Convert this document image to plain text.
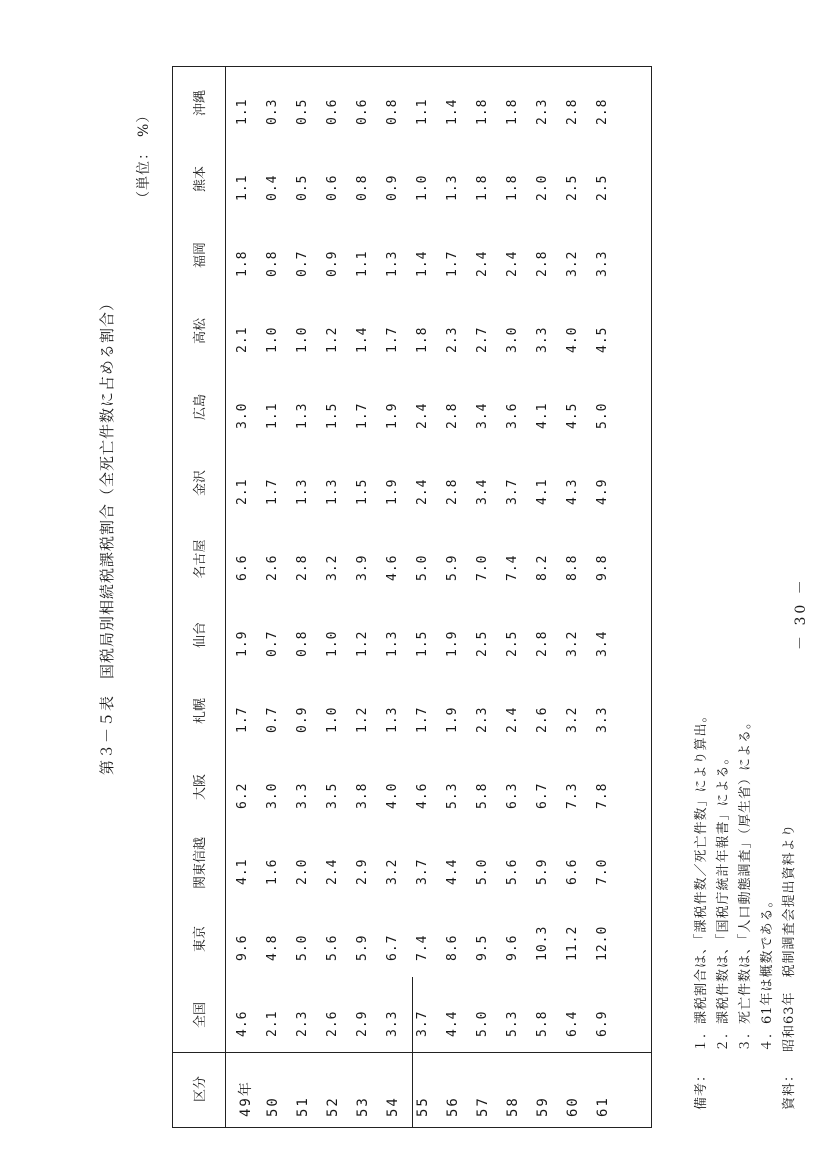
第３－５表　国税局別相続税課税割合（全死亡件数に占める割合）
（単位：　%）
区分
全国
東京
関東信越
大阪
札幌
仙台
名古屋
金沢
広島
高松
福岡
熊本
沖縄
49年
4.6
9.6
4.1
6.2
1.7
1.9
6.6
2.1
3.0
2.1
1.8
1.1
1.1
50
2.1
4.8
1.6
3.0
0.7
0.7
2.6
1.7
1.1
1.0
0.8
0.4
0.3
51
2.3
5.0
2.0
3.3
0.9
0.8
2.8
1.3
1.3
1.0
0.7
0.5
0.5
52
2.6
5.6
2.4
3.5
1.0
1.0
3.2
1.3
1.5
1.2
0.9
0.6
0.6
53
2.9
5.9
2.9
3.8
1.2
1.2
3.9
1.5
1.7
1.4
1.1
0.8
0.6
54
3.3
6.7
3.2
4.0
1.3
1.3
4.6
1.9
1.9
1.7
1.3
0.9
0.8
55
3.7
7.4
3.7
4.6
1.7
1.5
5.0
2.4
2.4
1.8
1.4
1.0
1.1
56
4.4
8.6
4.4
5.3
1.9
1.9
5.9
2.8
2.8
2.3
1.7
1.3
1.4
57
5.0
9.5
5.0
5.8
2.3
2.5
7.0
3.4
3.4
2.7
2.4
1.8
1.8
58
5.3
9.6
5.6
6.3
2.4
2.5
7.4
3.7
3.6
3.0
2.4
1.8
1.8
59
5.8
10.3
5.9
6.7
2.6
2.8
8.2
4.1
4.1
3.3
2.8
2.0
2.3
60
6.4
11.2
6.6
7.3
3.2
3.2
8.8
4.3
4.5
4.0
3.2
2.5
2.8
61
6.9
12.0
7.0
7.8
3.3
3.4
9.8
4.9
5.0
4.5
3.3
2.5
2.8
備考：
１．課税割合は、「課税件数／死亡件数」により算出。 ２．課税件数は、「国税庁統計年報書」による。 ３．死亡件数は、「人口動態調査」（厚生省）による。 ４．61年は概数である。
資料：
昭和63年　税制調査会提出資料より
－ 30 －
